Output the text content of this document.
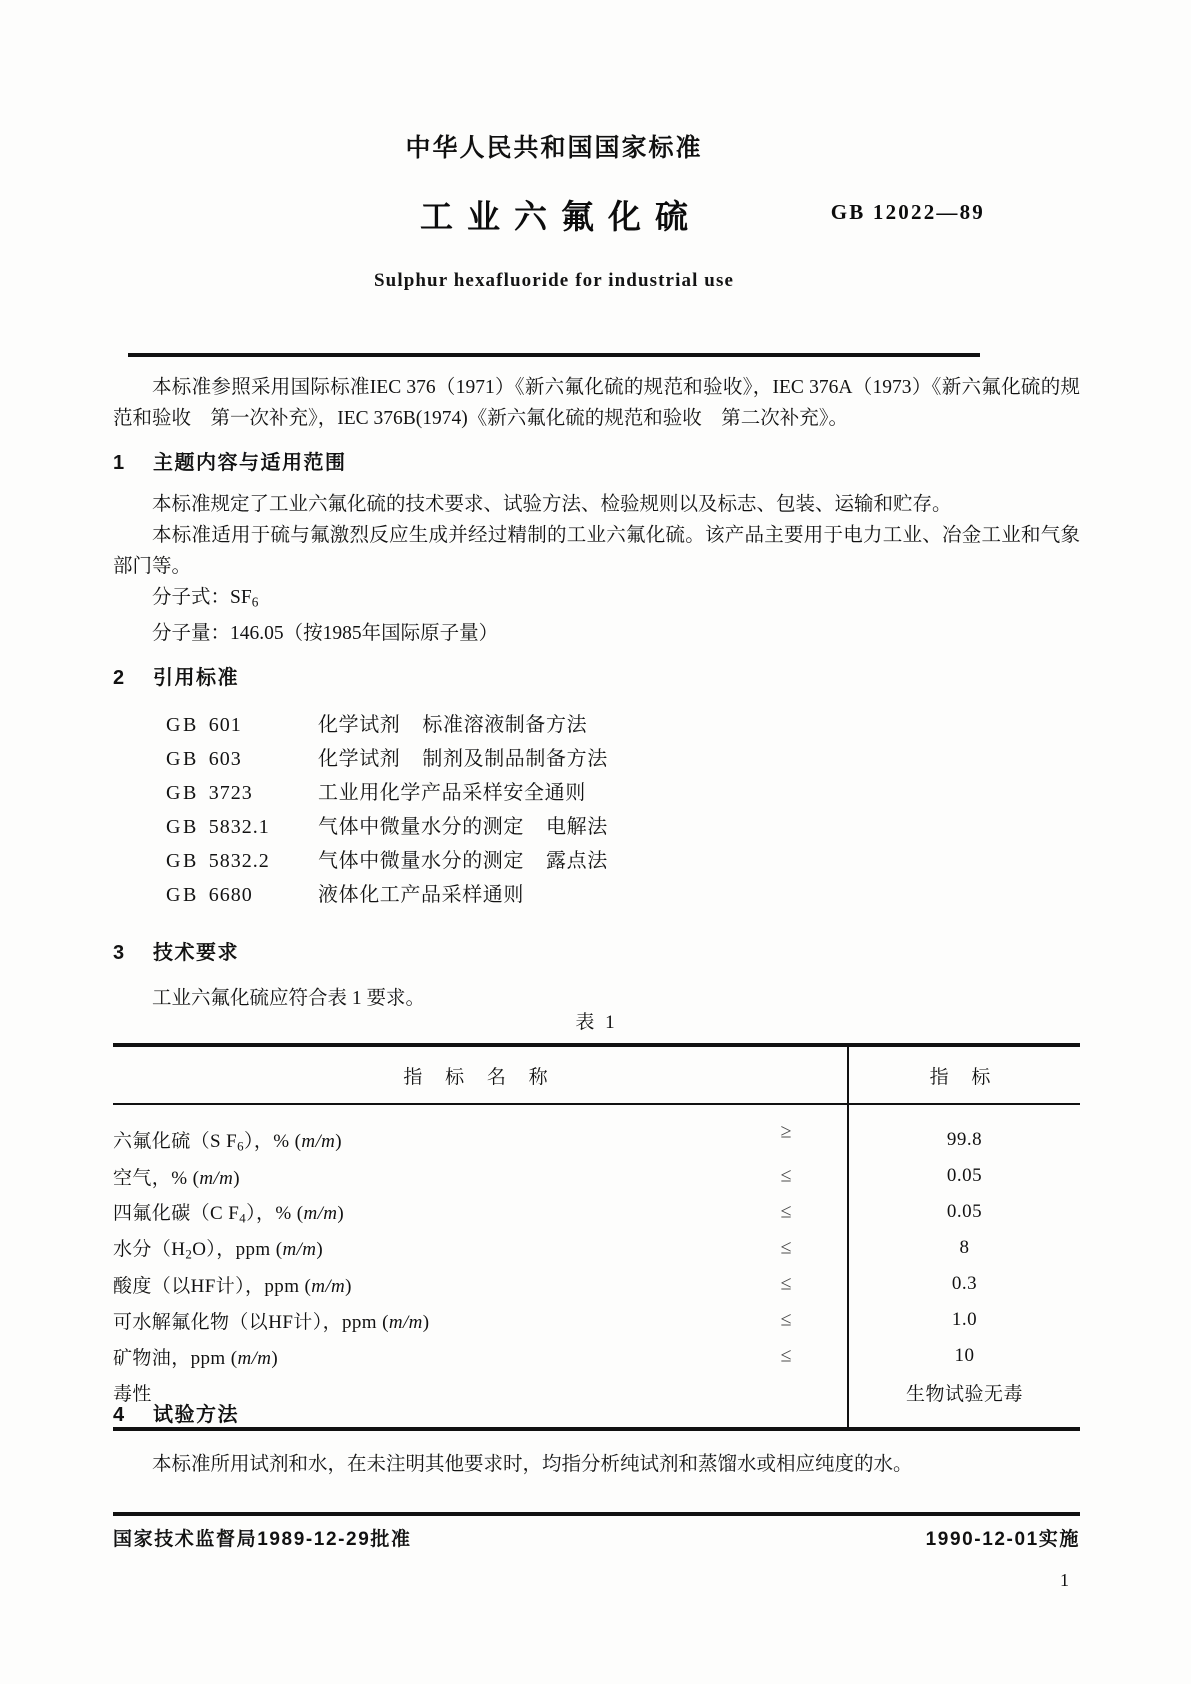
中华人民共和国国家标准
工业六氟化硫	GB 12022—89
Sulphur hexafluoride for industrial use

本标准参照采用国际标准IEC 376（1971）《新六氟化硫的规范和验收》，IEC 376A（1973）《新六氟化硫的规范和验收　第一次补充》，IEC 376B(1974)《新六氟化硫的规范和验收　第二次补充》。

1	主题内容与适用范围

本标准规定了工业六氟化硫的技术要求、试验方法、检验规则以及标志、包装、运输和贮存。

本标准适用于硫与氟激烈反应生成并经过精制的工业六氟化硫。该产品主要用于电力工业、冶金工业和气象部门等。

分子式：$SF_6$
分子量：146.05（按1985年国际原子量）
2	引用标准
GB 601	化学试剂 标准溶液制备方法
GB 603	化学试剂 制剂及制品制备方法
GB 3723	工业用化学产品采样安全通则
GB 5832.1	气体中微量水分的测定 电解法
GB 5832.2	气体中微量水分的测定 露点法
GB 6680	液体化工产品采样通则
3	技术要求

工业六氟化硫应符合表 1 要求。

表 1
指 标 名 称	指 标
六氟化硫（S $F_6$），% (m/m) ≥	99.8
空气，% (m/m) ≤	0.05
四氟化碳（C $F_4$），% (m/m) ≤	0.05
水分$(H_2O)$，ppm (m/m) ≤	8
酸度（以HF计），ppm (m/m) ≤	0.3
可水解氟化物（以HF计），ppm (m/m) ≤	1.0
矿物油，ppm (m/m) ≤	10
毒性	生物试验无毒
4	试验方法

本标准所用试剂和水，在未注明其他要求时，均指分析纯试剂和蒸馏水或相应纯度的水。

国家技术监督局1989-12-29批准	1990-12-01实施
1
